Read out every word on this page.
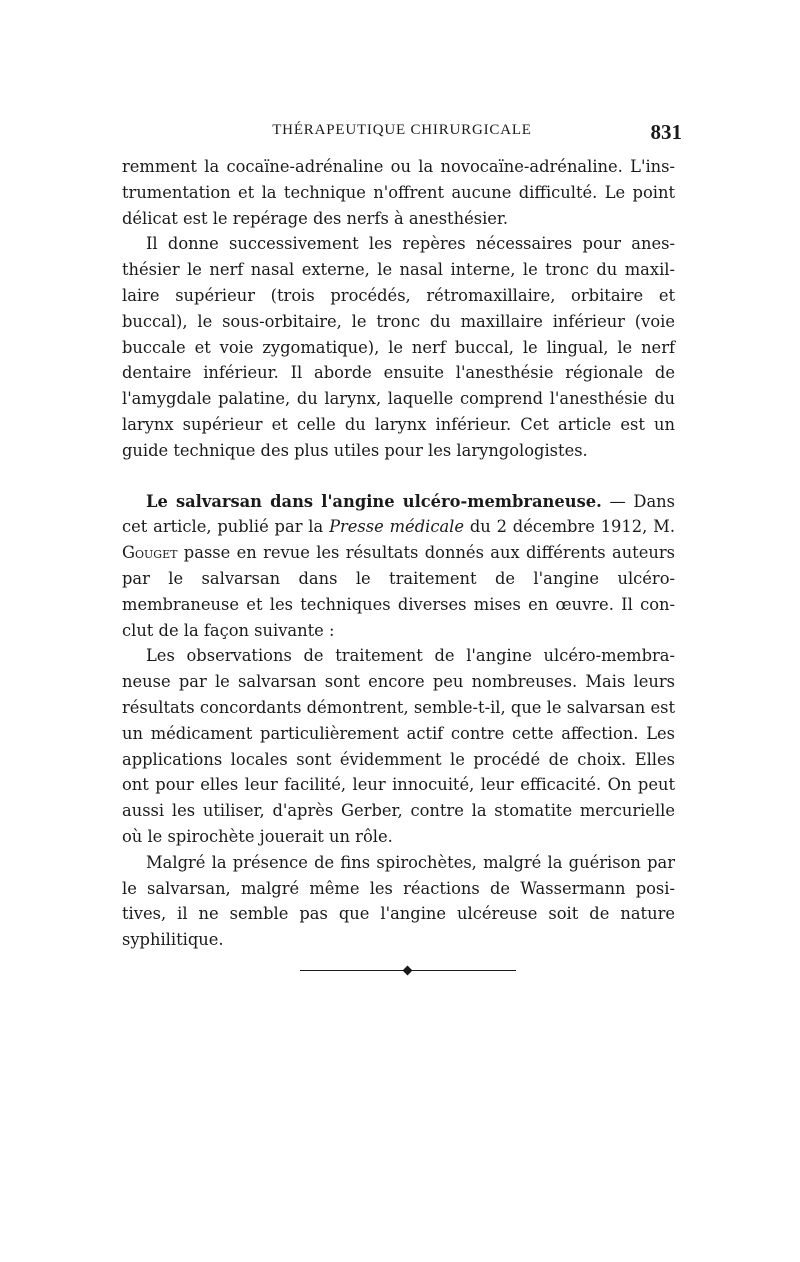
THÉRAPEUTIQUE CHIRURGICALE	831

remment la cocaïne-adrénaline ou la novocaïne-adrénaline. L'ins-trumentation et la technique n'offrent aucune difficulté. Le point délicat est le repérage des nerfs à anesthésier.

Il donne successivement les repères nécessaires pour anes-thésier le nerf nasal externe, le nasal interne, le tronc du maxil-laire supérieur (trois procédés, rétromaxillaire, orbitaire et buccal), le sous-orbitaire, le tronc du maxillaire inférieur (voie buccale et voie zygomatique), le nerf buccal, le lingual, le nerf dentaire inférieur. Il aborde ensuite l'anesthésie régionale de l'amygdale palatine, du larynx, laquelle comprend l'anesthésie du larynx supérieur et celle du larynx inférieur. Cet article est un guide technique des plus utiles pour les laryngologistes.

Le salvarsan dans l'angine ulcéro-membraneuse. — Dans cet article, publié par la Presse médicale du 2 décembre 1912, M. Gouget passe en revue les résultats donnés aux différents auteurs par le salvarsan dans le traitement de l'angine ulcéro-membraneuse et les techniques diverses mises en œuvre. Il con-clut de la façon suivante :

Les observations de traitement de l'angine ulcéro-membra-neuse par le salvarsan sont encore peu nombreuses. Mais leurs résultats concordants démontrent, semble-t-il, que le salvarsan est un médicament particulièrement actif contre cette affection. Les applications locales sont évidemment le procédé de choix. Elles ont pour elles leur facilité, leur innocuité, leur efficacité. On peut aussi les utiliser, d'après Gerber, contre la stomatite mercurielle où le spirochète jouerait un rôle.

Malgré la présence de fins spirochètes, malgré la guérison par le salvarsan, malgré même les réactions de Wassermann posi-tives, il ne semble pas que l'angine ulcéreuse soit de nature syphilitique.
